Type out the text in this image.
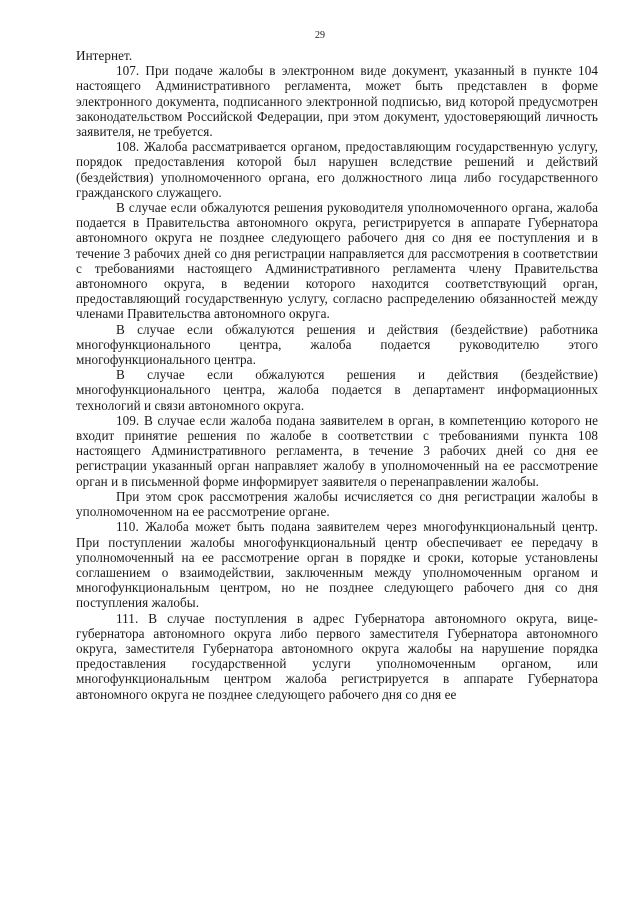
29

Интернет.

107. При подаче жалобы в электронном виде документ, указанный в пункте 104 настоящего Административного регламента, может быть представлен в форме электронного документа, подписанного электронной подписью, вид которой предусмотрен законодательством Российской Федерации, при этом документ, удостоверяющий личность заявителя, не требуется.

108. Жалоба рассматривается органом, предоставляющим государственную услугу, порядок предоставления которой был нарушен вследствие решений и действий (бездействия) уполномоченного органа, его должностного лица либо государственного гражданского служащего.

В случае если обжалуются решения руководителя уполномоченного органа, жалоба подается в Правительства автономного округа, регистрируется в аппарате Губернатора автономного округа не позднее следующего рабочего дня со дня ее поступления и в течение 3 рабочих дней со дня регистрации направляется для рассмотрения в соответствии с требованиями настоящего Административного регламента члену Правительства автономного округа, в ведении которого находится соответствующий орган, предоставляющий государственную услугу, согласно распределению обязанностей между членами Правительства автономного округа.

В случае если обжалуются решения и действия (бездействие) работника многофункционального центра, жалоба подается руководителю этого многофункционального центра.

В случае если обжалуются решения и действия (бездействие) многофункционального центра, жалоба подается в департамент информационных технологий и связи автономного округа.

109. В случае если жалоба подана заявителем в орган, в компетенцию которого не входит принятие решения по жалобе в соответствии с требованиями пункта 108 настоящего Административного регламента, в течение 3 рабочих дней со дня ее регистрации указанный орган направляет жалобу в уполномоченный на ее рассмотрение орган и в письменной форме информирует заявителя о перенаправлении жалобы.

При этом срок рассмотрения жалобы исчисляется со дня регистрации жалобы в уполномоченном на ее рассмотрение органе.

110. Жалоба может быть подана заявителем через многофункциональный центр. При поступлении жалобы многофункциональный центр обеспечивает ее передачу в уполномоченный на ее рассмотрение орган в порядке и сроки, которые установлены соглашением о взаимодействии, заключенным между уполномоченным органом и многофункциональным центром, но не позднее следующего рабочего дня со дня поступления жалобы.

111. В случае поступления в адрес Губернатора автономного округа, вице-губернатора автономного округа либо первого заместителя Губернатора автономного округа, заместителя Губернатора автономного округа жалобы на нарушение порядка предоставления государственной услуги уполномоченным органом, или многофункциональным центром жалоба регистрируется в аппарате Губернатора автономного округа не позднее следующего рабочего дня со дня ее
